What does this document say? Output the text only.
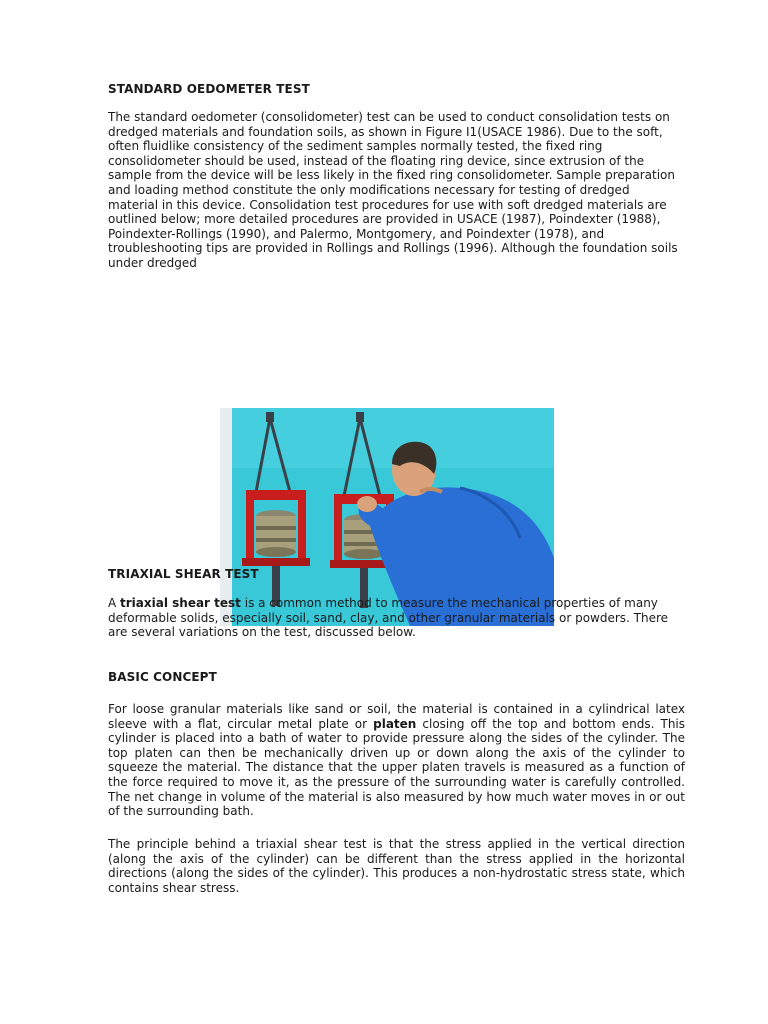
STANDARD OEDOMETER TEST

The standard oedometer (consolidometer) test can be used to conduct consolidation tests on dredged materials and foundation soils, as shown in Figure I1(USACE 1986). Due to the soft, often fluidlike consistency of the sediment samples normally tested, the fixed ring consolidometer should be used, instead of the floating ring device, since extrusion of the sample from the device will be less likely in the fixed ring consolidometer. Sample preparation and loading method constitute the only modifications necessary for testing of dredged material in this device. Consolidation test procedures for use with soft dredged materials are outlined below; more detailed procedures are provided in USACE (1987), Poindexter (1988), Poindexter-Rollings (1990), and Palermo, Montgomery, and Poindexter (1978), and troubleshooting tips are provided in Rollings and Rollings (1996). Although the foundation soils under dredged

TRIAXIAL SHEAR TEST

A triaxial shear test is a common method to measure the mechanical properties of many deformable solids, especially soil, sand, clay, and other granular materials or powders. There are several variations on the test, discussed below.

BASIC CONCEPT

For loose granular materials like sand or soil, the material is contained in a cylindrical latex sleeve with a flat, circular metal plate or platen closing off the top and bottom ends. This cylinder is placed into a bath of water to provide pressure along the sides of the cylinder. The top platen can then be mechanically driven up or down along the axis of the cylinder to squeeze the material. The distance that the upper platen travels is measured as a function of the force required to move it, as the pressure of the surrounding water is carefully controlled. The net change in volume of the material is also measured by how much water moves in or out of the surrounding bath.

The principle behind a triaxial shear test is that the stress applied in the vertical direction (along the axis of the cylinder) can be different than the stress applied in the horizontal directions (along the sides of the cylinder). This produces a non-hydrostatic stress state, which contains shear stress.
